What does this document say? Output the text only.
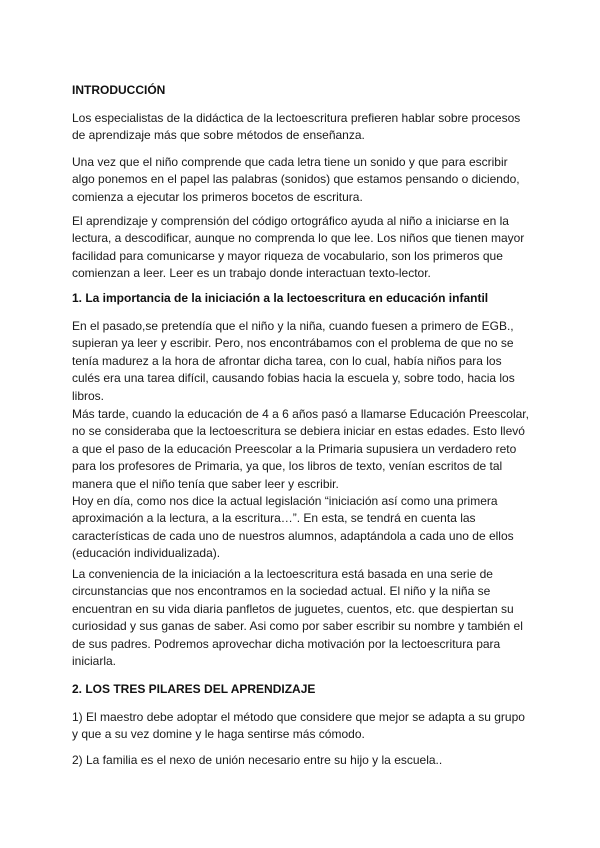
INTRODUCCIÓN

Los especialistas de la didáctica de la lectoescritura prefieren hablar sobre procesos de aprendizaje más que sobre métodos de enseñanza.

Una vez que el niño comprende que cada letra tiene un sonido y que para escribir algo ponemos en el papel las palabras (sonidos) que estamos pensando o diciendo, comienza a ejecutar los primeros bocetos de escritura.

El aprendizaje y comprensión del código ortográfico ayuda al niño a iniciarse en la lectura, a descodificar, aunque no comprenda lo que lee. Los niños que tienen mayor facilidad para comunicarse y mayor riqueza de vocabulario, son los primeros que comienzan a leer. Leer es un trabajo donde interactuan texto-lector.

1. La importancia de la iniciación a la lectoescritura en educación infantil

En el pasado,se pretendía que el niño y la niña, cuando fuesen a primero de EGB., supieran ya leer y escribir. Pero, nos encontrábamos con el problema de que no se tenía madurez a la hora de afrontar dicha tarea, con lo cual, había niños para los culés era una tarea difícil, causando fobias hacia la escuela y, sobre todo, hacia los libros.

Más tarde, cuando la educación de 4 a 6 años pasó a llamarse Educación Preescolar, no se consideraba que la lectoescritura se debiera iniciar en estas edades. Esto llevó a que el paso de la educación Preescolar a la Primaria supusiera un verdadero reto para los profesores de Primaria, ya que, los libros de texto, venían escritos de tal manera que el niño tenía que saber leer y escribir.

Hoy en día, como nos dice la actual legislación “iniciación así como una primera aproximación a la lectura, a la escritura…”. En esta, se tendrá en cuenta las características de cada uno de nuestros alumnos, adaptándola a cada uno de ellos (educación individualizada).

La conveniencia de la iniciación a la lectoescritura está basada en una serie de circunstancias que nos encontramos en la sociedad actual. El niño y la niña se encuentran en su vida diaria panfletos de juguetes, cuentos, etc. que despiertan su curiosidad y sus ganas de saber. Asi como por saber escribir su nombre y también el de sus padres. Podremos aprovechar dicha motivación por la lectoescritura para iniciarla.

2. LOS TRES PILARES DEL APRENDIZAJE

1) El maestro debe adoptar el método que considere que mejor se adapta a su grupo y que a su vez domine y le haga sentirse más cómodo.

2) La familia es el nexo de unión necesario entre su hijo y la escuela..
